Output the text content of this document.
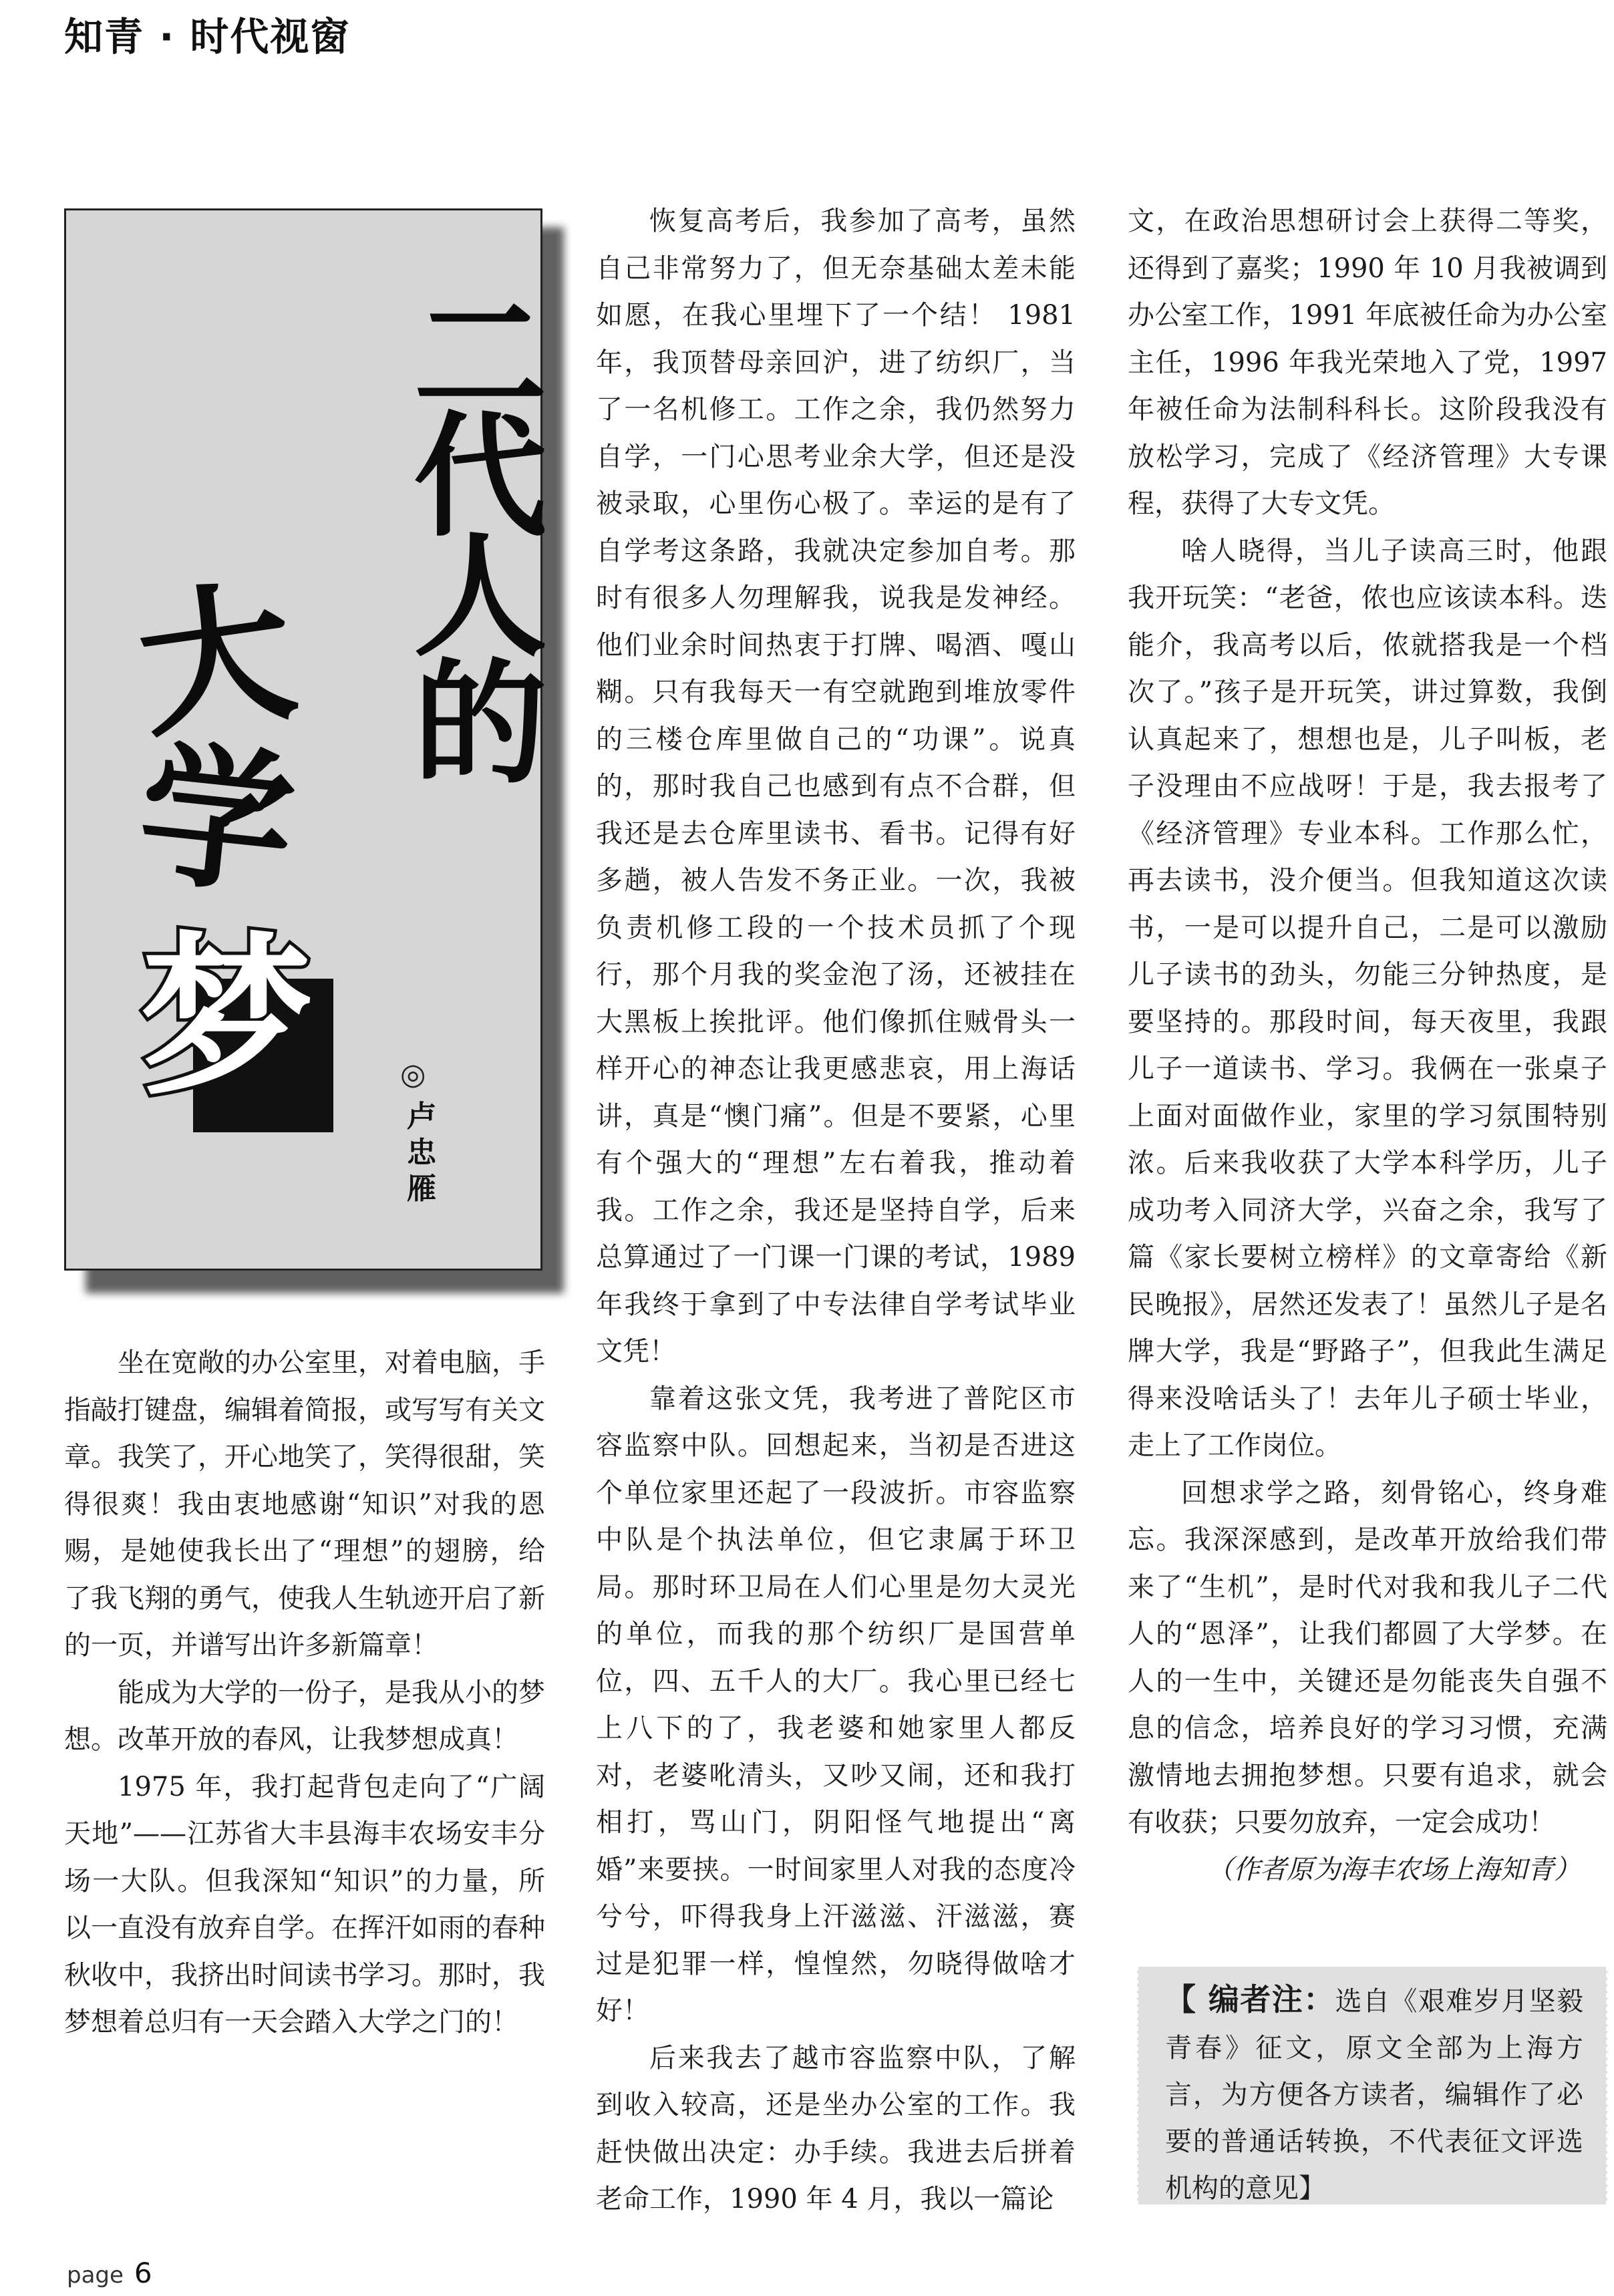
知青 · 时代视窗
二
代
人
的
大
学
梦	◎
卢忠雁

坐在宽敞的办公室里，对着电脑，手指敲打键盘，编辑着简报，或写写有关文章。我笑了，开心地笑了，笑得很甜，笑得很爽！我由衷地感谢“知识”对我的恩赐，是她使我长出了“理想”的翅膀，给了我飞翔的勇气，使我人生轨迹开启了新的一页，并谱写出许多新篇章！

能成为大学的一份子，是我从小的梦想。改革开放的春风，让我梦想成真！

1975 年，我打起背包走向了“广阔天地”——江苏省大丰县海丰农场安丰分场一大队。但我深知“知识”的力量，所以一直没有放弃自学。在挥汗如雨的春种秋收中，我挤出时间读书学习。那时，我梦想着总归有一天会踏入大学之门的！

恢复高考后，我参加了高考，虽然自己非常努力了，但无奈基础太差未能如愿，在我心里埋下了一个结！ 1981 年，我顶替母亲回沪，进了纺织厂，当了一名机修工。工作之余，我仍然努力自学，一门心思考业余大学，但还是没被录取，心里伤心极了。幸运的是有了自学考这条路，我就决定参加自考。那时有很多人勿理解我，说我是发神经。他们业余时间热衷于打牌、喝酒、嘎山糊。只有我每天一有空就跑到堆放零件的三楼仓库里做自己的“功课”。说真的，那时我自己也感到有点不合群，但我还是去仓库里读书、看书。记得有好多趟，被人告发不务正业。一次，我被负责机修工段的一个技术员抓了个现行，那个月我的奖金泡了汤，还被挂在大黑板上挨批评。他们像抓住贼骨头一样开心的神态让我更感悲哀，用上海话讲，真是“懊门痛”。但是不要紧，心里有个强大的“理想”左右着我，推动着我。工作之余，我还是坚持自学，后来总算通过了一门课一门课的考试，1989 年我终于拿到了中专法律自学考试毕业文凭！

靠着这张文凭，我考进了普陀区市容监察中队。回想起来，当初是否进这个单位家里还起了一段波折。市容监察中队是个执法单位，但它隶属于环卫局。那时环卫局在人们心里是勿大灵光的单位，而我的那个纺织厂是国营单位，四、五千人的大厂。我心里已经七上八下的了，我老婆和她家里人都反对，老婆吪清头，又吵又闹，还和我打相打，骂山门，阴阳怪气地提出“离婚”来要挟。一时间家里人对我的态度冷兮兮，吓得我身上汗滋滋、汗滋滋，赛过是犯罪一样，惶惶然，勿晓得做啥才好！

后来我去了越市容监察中队，了解到收入较高，还是坐办公室的工作。我赶快做出决定：办手续。我进去后拼着老命工作，1990 年 4 月，我以一篇论

文，在政治思想研讨会上获得二等奖，还得到了嘉奖；1990 年 10 月我被调到办公室工作，1991 年底被任命为办公室主任，1996 年我光荣地入了党，1997 年被任命为法制科科长。这阶段我没有放松学习，完成了《经济管理》大专课程，获得了大专文凭。

啥人晓得，当儿子读高三时，他跟我开玩笑：“老爸，侬也应该读本科。迭能介，我高考以后，侬就搭我是一个档次了。”孩子是开玩笑，讲过算数，我倒认真起来了，想想也是，儿子叫板，老子没理由不应战呀！于是，我去报考了《经济管理》专业本科。工作那么忙，再去读书，没介便当。但我知道这次读书，一是可以提升自己，二是可以激励儿子读书的劲头，勿能三分钟热度，是要坚持的。那段时间，每天夜里，我跟儿子一道读书、学习。我俩在一张桌子上面对面做作业，家里的学习氛围特别浓。后来我收获了大学本科学历，儿子成功考入同济大学，兴奋之余，我写了篇《家长要树立榜样》的文章寄给《新民晚报》，居然还发表了！虽然儿子是名牌大学，我是“野路子”，但我此生满足得来没啥话头了！去年儿子硕士毕业，走上了工作岗位。

回想求学之路，刻骨铭心，终身难忘。我深深感到，是改革开放给我们带来了“生机”，是时代对我和我儿子二代人的“恩泽”，让我们都圆了大学梦。在人的一生中，关键还是勿能丧失自强不息的信念，培养良好的学习习惯，充满激情地去拥抱梦想。只要有追求，就会有收获；只要勿放弃，一定会成功！

（作者原为海丰农场上海知青）

【 编者注：选自《艰难岁月坚毅青春》征文，原文全部为上海方言，为方便各方读者，编辑作了必要的普通话转换，不代表征文评选机构的意见】
page 6
